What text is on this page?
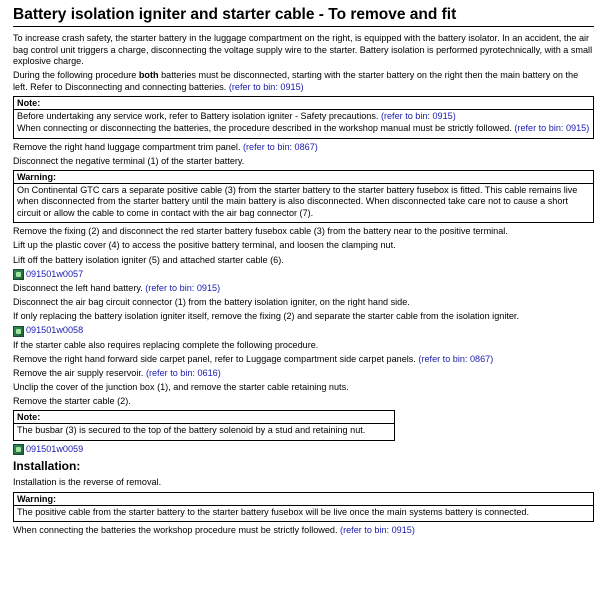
Battery isolation igniter and starter cable - To remove and fit

To increase crash safety, the starter battery in the luggage compartment on the right, is equipped with the battery isolator. In an accident, the air bag control unit triggers a charge, disconnecting the voltage supply wire to the starter. Battery isolation is performed pyrotechnically, with a small explosive charge.

During the following procedure both batteries must be disconnected, starting with the starter battery on the right then the main battery on the left. Refer to Disconnecting and connecting batteries. (refer to bin: 0915)

Note:

Before undertaking any service work, refer to Battery isolation igniter - Safety precautions. (refer to bin: 0915)

When connecting or disconnecting the batteries, the procedure described in the workshop manual must be strictly followed. (refer to bin: 0915)

Remove the right hand luggage compartment trim panel. (refer to bin: 0867)

Disconnect the negative terminal (1) of the starter battery.

Warning:

On Continental GTC cars a separate positive cable (3) from the starter battery to the starter battery fusebox is fitted. This cable remains live when disconnected from the starter battery until the main battery is also disconnected. When disconnected take care not to cause a short circuit or allow the cable to come in contact with the air bag connector (7).

Remove the fixing (2) and disconnect the red starter battery fusebox cable (3) from the battery near to the positive terminal.

Lift up the plastic cover (4) to access the positive battery terminal, and loosen the clamping nut.

Lift off the battery isolation igniter (5) and attached starter cable (6).

091501w0057

Disconnect the left hand battery. (refer to bin: 0915)

Disconnect the air bag circuit connector (1) from the battery isolation igniter, on the right hand side.

If only replacing the battery isolation igniter itself, remove the fixing (2) and separate the starter cable from the isolation igniter.

091501w0058

If the starter cable also requires replacing complete the following procedure.

Remove the right hand forward side carpet panel, refer to Luggage compartment side carpet panels. (refer to bin: 0867)

Remove the air supply reservoir. (refer to bin: 0616)

Unclip the cover of the junction box (1), and remove the starter cable retaining nuts.

Remove the starter cable (2).

Note:

The busbar (3) is secured to the top of the battery solenoid by a stud and retaining nut.

091501w0059
Installation:

Installation is the reverse of removal.

Warning:

The positive cable from the starter battery to the starter battery fusebox will be live once the main systems battery is connected.

When connecting the batteries the workshop procedure must be strictly followed. (refer to bin: 0915)
